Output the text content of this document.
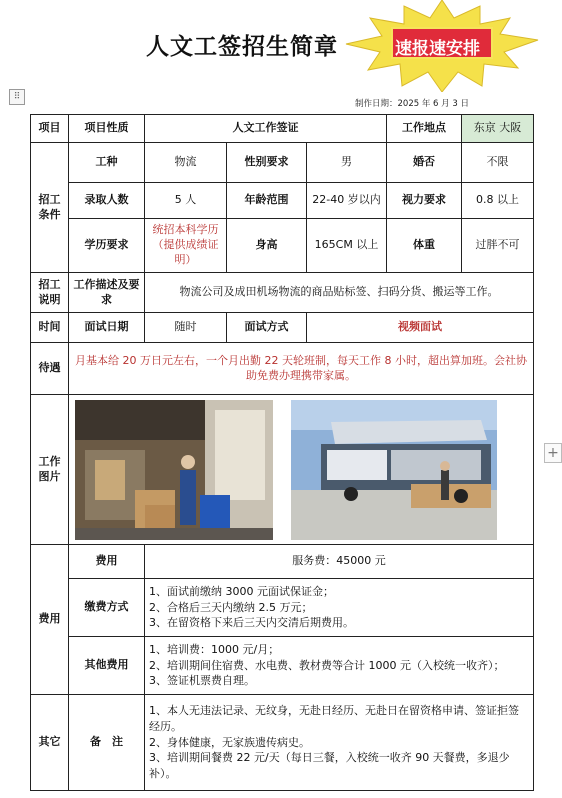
人文工签招生简章	速报速安排
⠿
+
制作日期：2025 年 6 月 3 日
项目	项目性质	人文工作签证			工作地点	东京 大阪
招工条件	工种	物流	性别要求	男	婚否	不限
	录取人数	5 人	年龄范围	22-40 岁以内	视力要求	0.8 以上
	学历要求	统招本科学历（提供成绩证明）	身高	165CM 以上	体重	过胖不可
招工说明	工作描述及要求	物流公司及成田机场物流的商品贴标签、扫码分货、搬运等工作。				
时间	面试日期	随时	面试方式	视频面试		
待遇	月基本给 20 万日元左右，一个月出勤 22 天轮班制，每天工作 8 小时，超出算加班。会社协助免费办理携带家属。					
工作图片	
费用	费用	服务费：45000 元				
	缴费方式	1、面试前缴纳 3000 元面试保证金；
2、合格后三天内缴纳 2.5 万元；
3、在留资格下来后三天内交清后期费用。				

	其他费用	1、培训费：1000 元/月；
2、培训期间住宿费、水电费、教材费等合计 1000 元（入校统一收齐）；
3、签证机票费自理。				

其它	备　注	1、本人无违法记录、无纹身，无赴日经历、无赴日在留资格申请、签证拒签经历。
2、身体健康，无家族遗传病史。
3、培训期间餐费 22 元/天（每日三餐，入校统一收齐 90 天餐费，多退少补）。				
